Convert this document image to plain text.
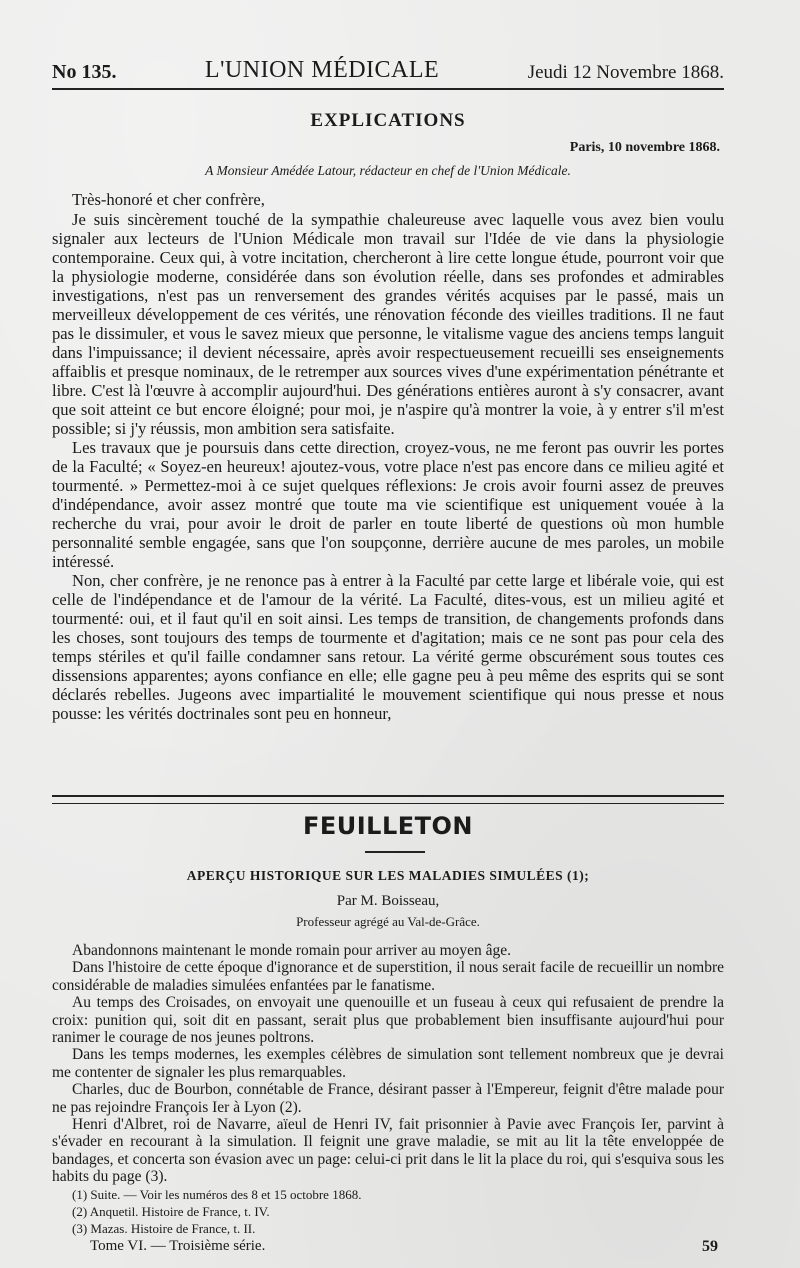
No 135.	L'UNION MÉDICALE	Jeudi 12 Novembre 1868.
EXPLICATIONS
Paris, 10 novembre 1868.
A Monsieur Amédée Latour, rédacteur en chef de l'Union Médicale.

Très-honoré et cher confrère,

Je suis sincèrement touché de la sympathie chaleureuse avec laquelle vous avez bien voulu signaler aux lecteurs de l'Union Médicale mon travail sur l'Idée de vie dans la physiologie contemporaine. Ceux qui, à votre incitation, chercheront à lire cette longue étude, pourront voir que la physiologie moderne, considérée dans son évolution réelle, dans ses profondes et admirables investigations, n'est pas un renversement des grandes vérités acquises par le passé, mais un merveilleux développement de ces vérités, une rénovation féconde des vieilles traditions. Il ne faut pas le dissimuler, et vous le savez mieux que personne, le vitalisme vague des anciens temps languit dans l'impuissance; il devient nécessaire, après avoir respectueusement recueilli ses enseignements affaiblis et presque nominaux, de le retremper aux sources vives d'une expérimentation pénétrante et libre. C'est là l'œuvre à accomplir aujourd'hui. Des générations entières auront à s'y consacrer, avant que soit atteint ce but encore éloigné; pour moi, je n'aspire qu'à montrer la voie, à y entrer s'il m'est possible; si j'y réussis, mon ambition sera satisfaite.

Les travaux que je poursuis dans cette direction, croyez-vous, ne me feront pas ouvrir les portes de la Faculté; « Soyez-en heureux! ajoutez-vous, votre place n'est pas encore dans ce milieu agité et tourmenté. » Permettez-moi à ce sujet quelques réflexions: Je crois avoir fourni assez de preuves d'indépendance, avoir assez montré que toute ma vie scientifique est uniquement vouée à la recherche du vrai, pour avoir le droit de parler en toute liberté de questions où mon humble personnalité semble engagée, sans que l'on soupçonne, derrière aucune de mes paroles, un mobile intéressé.

Non, cher confrère, je ne renonce pas à entrer à la Faculté par cette large et libérale voie, qui est celle de l'indépendance et de l'amour de la vérité. La Faculté, dites-vous, est un milieu agité et tourmenté: oui, et il faut qu'il en soit ainsi. Les temps de transition, de changements profonds dans les choses, sont toujours des temps de tourmente et d'agitation; mais ce ne sont pas pour cela des temps stériles et qu'il faille condamner sans retour. La vérité germe obscurément sous toutes ces dissensions apparentes; ayons confiance en elle; elle gagne peu à peu même des esprits qui se sont déclarés rebelles. Jugeons avec impartialité le mouvement scientifique qui nous presse et nous pousse: les vérités doctrinales sont peu en honneur,

FEUILLETON
APERÇU HISTORIQUE SUR LES MALADIES SIMULÉES (1);
Par M. Boisseau,
Professeur agrégé au Val-de-Grâce.

Abandonnons maintenant le monde romain pour arriver au moyen âge.

Dans l'histoire de cette époque d'ignorance et de superstition, il nous serait facile de recueillir un nombre considérable de maladies simulées enfantées par le fanatisme.

Au temps des Croisades, on envoyait une quenouille et un fuseau à ceux qui refusaient de prendre la croix: punition qui, soit dit en passant, serait plus que probablement bien insuffisante aujourd'hui pour ranimer le courage de nos jeunes poltrons.

Dans les temps modernes, les exemples célèbres de simulation sont tellement nombreux que je devrai me contenter de signaler les plus remarquables.

Charles, duc de Bourbon, connétable de France, désirant passer à l'Empereur, feignit d'être malade pour ne pas rejoindre François Ier à Lyon (2).

Henri d'Albret, roi de Navarre, aïeul de Henri IV, fait prisonnier à Pavie avec François Ier, parvint à s'évader en recourant à la simulation. Il feignit une grave maladie, se mit au lit la tête enveloppée de bandages, et concerta son évasion avec un page: celui-ci prit dans le lit la place du roi, qui s'esquiva sous les habits du page (3).

(1) Suite. — Voir les numéros des 8 et 15 octobre 1868.

(2) Anquetil. Histoire de France, t. IV.

(3) Mazas. Histoire de France, t. II.

Tome VI. — Troisième série.	59
